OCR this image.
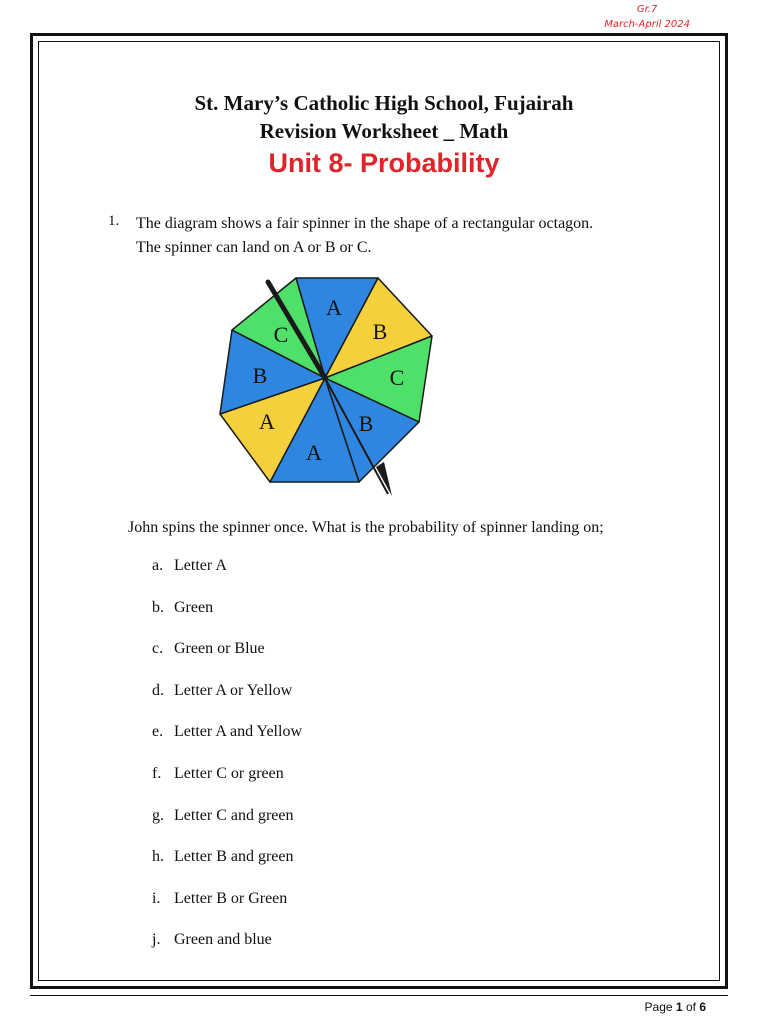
Gr.7
March-April 2024
St. Mary’s Catholic High School, Fujairah
Revision Worksheet _ Math
Unit 8- Probability
1. The diagram shows a fair spinner in the shape of a rectangular octagon.
The spinner can land on A or B or C.
A
B
C
B
A
A
B
C
John spins the spinner once. What is the probability of spinner landing on;
a. Letter A
b. Green
c. Green or Blue
d. Letter A or Yellow
e. Letter A and Yellow
f. Letter C or green
g. Letter C and green
h. Letter B and green
i. Letter B or Green
j. Green and blue
Page 1 of 6
